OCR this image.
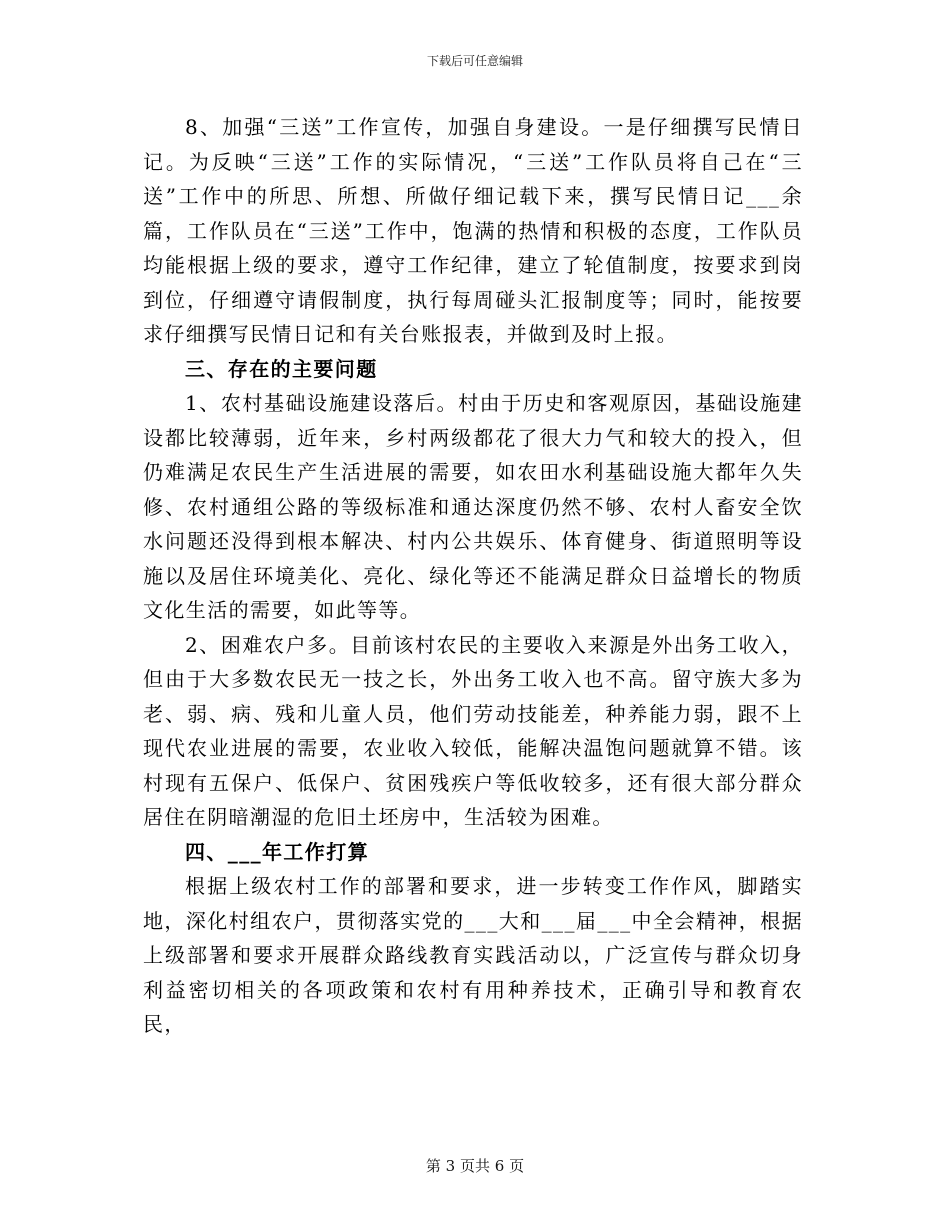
下载后可任意编辑

8、加强“三送”工作宣传，加强自身建设。一是仔细撰写民情日记。为反映“三送”工作的实际情况，“三送”工作队员将自己在“三送”工作中的所思、所想、所做仔细记载下来，撰写民情日记___余篇，工作队员在“三送”工作中，饱满的热情和积极的态度，工作队员均能根据上级的要求，遵守工作纪律，建立了轮值制度，按要求到岗到位，仔细遵守请假制度，执行每周碰头汇报制度等；同时，能按要求仔细撰写民情日记和有关台账报表，并做到及时上报。

三、存在的主要问题

1、农村基础设施建设落后。村由于历史和客观原因，基础设施建设都比较薄弱，近年来，乡村两级都花了很大力气和较大的投入，但仍难满足农民生产生活进展的需要，如农田水利基础设施大都年久失修、农村通组公路的等级标准和通达深度仍然不够、农村人畜安全饮水问题还没得到根本解决、村内公共娱乐、体育健身、街道照明等设施以及居住环境美化、亮化、绿化等还不能满足群众日益增长的物质文化生活的需要，如此等等。

2、困难农户多。目前该村农民的主要收入来源是外出务工收入，但由于大多数农民无一技之长，外出务工收入也不高。留守族大多为老、弱、病、残和儿童人员，他们劳动技能差，种养能力弱，跟不上现代农业进展的需要，农业收入较低，能解决温饱问题就算不错。该村现有五保户、低保户、贫困残疾户等低收较多，还有很大部分群众居住在阴暗潮湿的危旧土坯房中，生活较为困难。

四、___年工作打算

根据上级农村工作的部署和要求，进一步转变工作作风，脚踏实地，深化村组农户，贯彻落实党的___大和___届___中全会精神，根据上级部署和要求开展群众路线教育实践活动以，广泛宣传与群众切身利益密切相关的各项政策和农村有用种养技术，正确引导和教育农民，

第 3 页共 6 页
